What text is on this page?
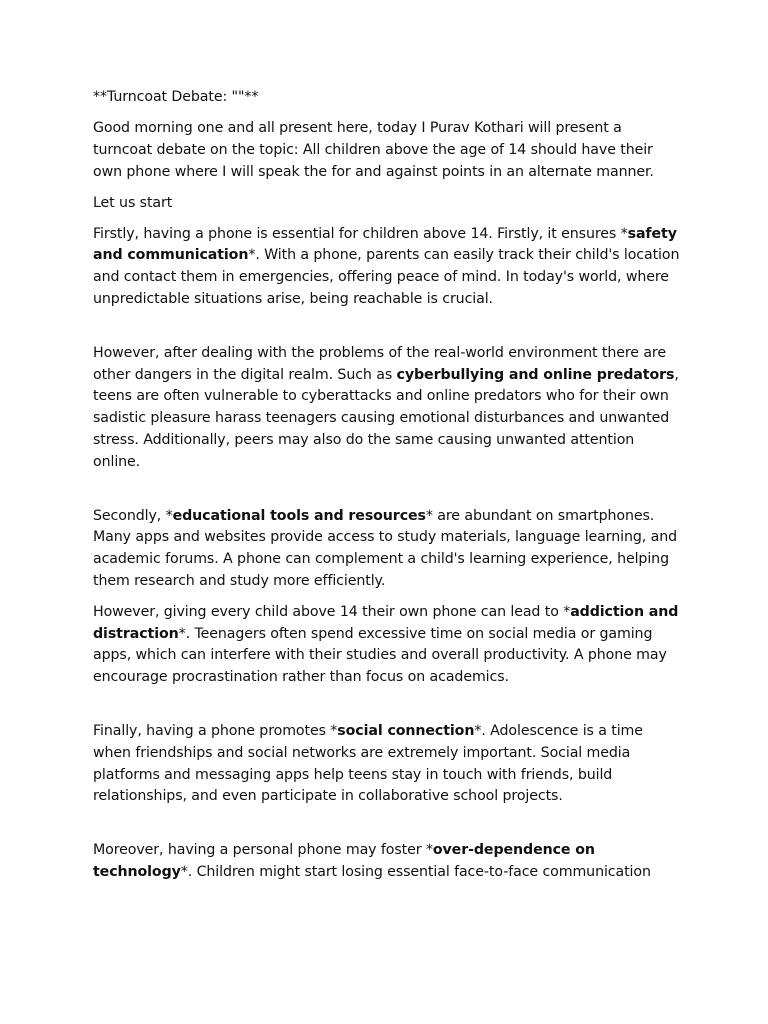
**Turncoat Debate: ""**

Good morning one and all present here, today I Purav Kothari will present a turncoat debate on the topic: All children above the age of 14 should have their own phone where I will speak the for and against points in an alternate manner.

Let us start

Firstly, having a phone is essential for children above 14. Firstly, it ensures *safety and communication*. With a phone, parents can easily track their child's location and contact them in emergencies, offering peace of mind. In today's world, where unpredictable situations arise, being reachable is crucial.

However, after dealing with the problems of the real-world environment there are other dangers in the digital realm. Such as cyberbullying and online predators, teens are often vulnerable to cyberattacks and online predators who for their own sadistic pleasure harass teenagers causing emotional disturbances and unwanted stress. Additionally, peers may also do the same causing unwanted attention online.

Secondly, *educational tools and resources* are abundant on smartphones. Many apps and websites provide access to study materials, language learning, and academic forums. A phone can complement a child's learning experience, helping them research and study more efficiently.

However, giving every child above 14 their own phone can lead to *addiction and distraction*. Teenagers often spend excessive time on social media or gaming apps, which can interfere with their studies and overall productivity. A phone may encourage procrastination rather than focus on academics.

Finally, having a phone promotes *social connection*. Adolescence is a time when friendships and social networks are extremely important. Social media platforms and messaging apps help teens stay in touch with friends, build relationships, and even participate in collaborative school projects.

Moreover, having a personal phone may foster *over-dependence on technology*. Children might start losing essential face-to-face communication
